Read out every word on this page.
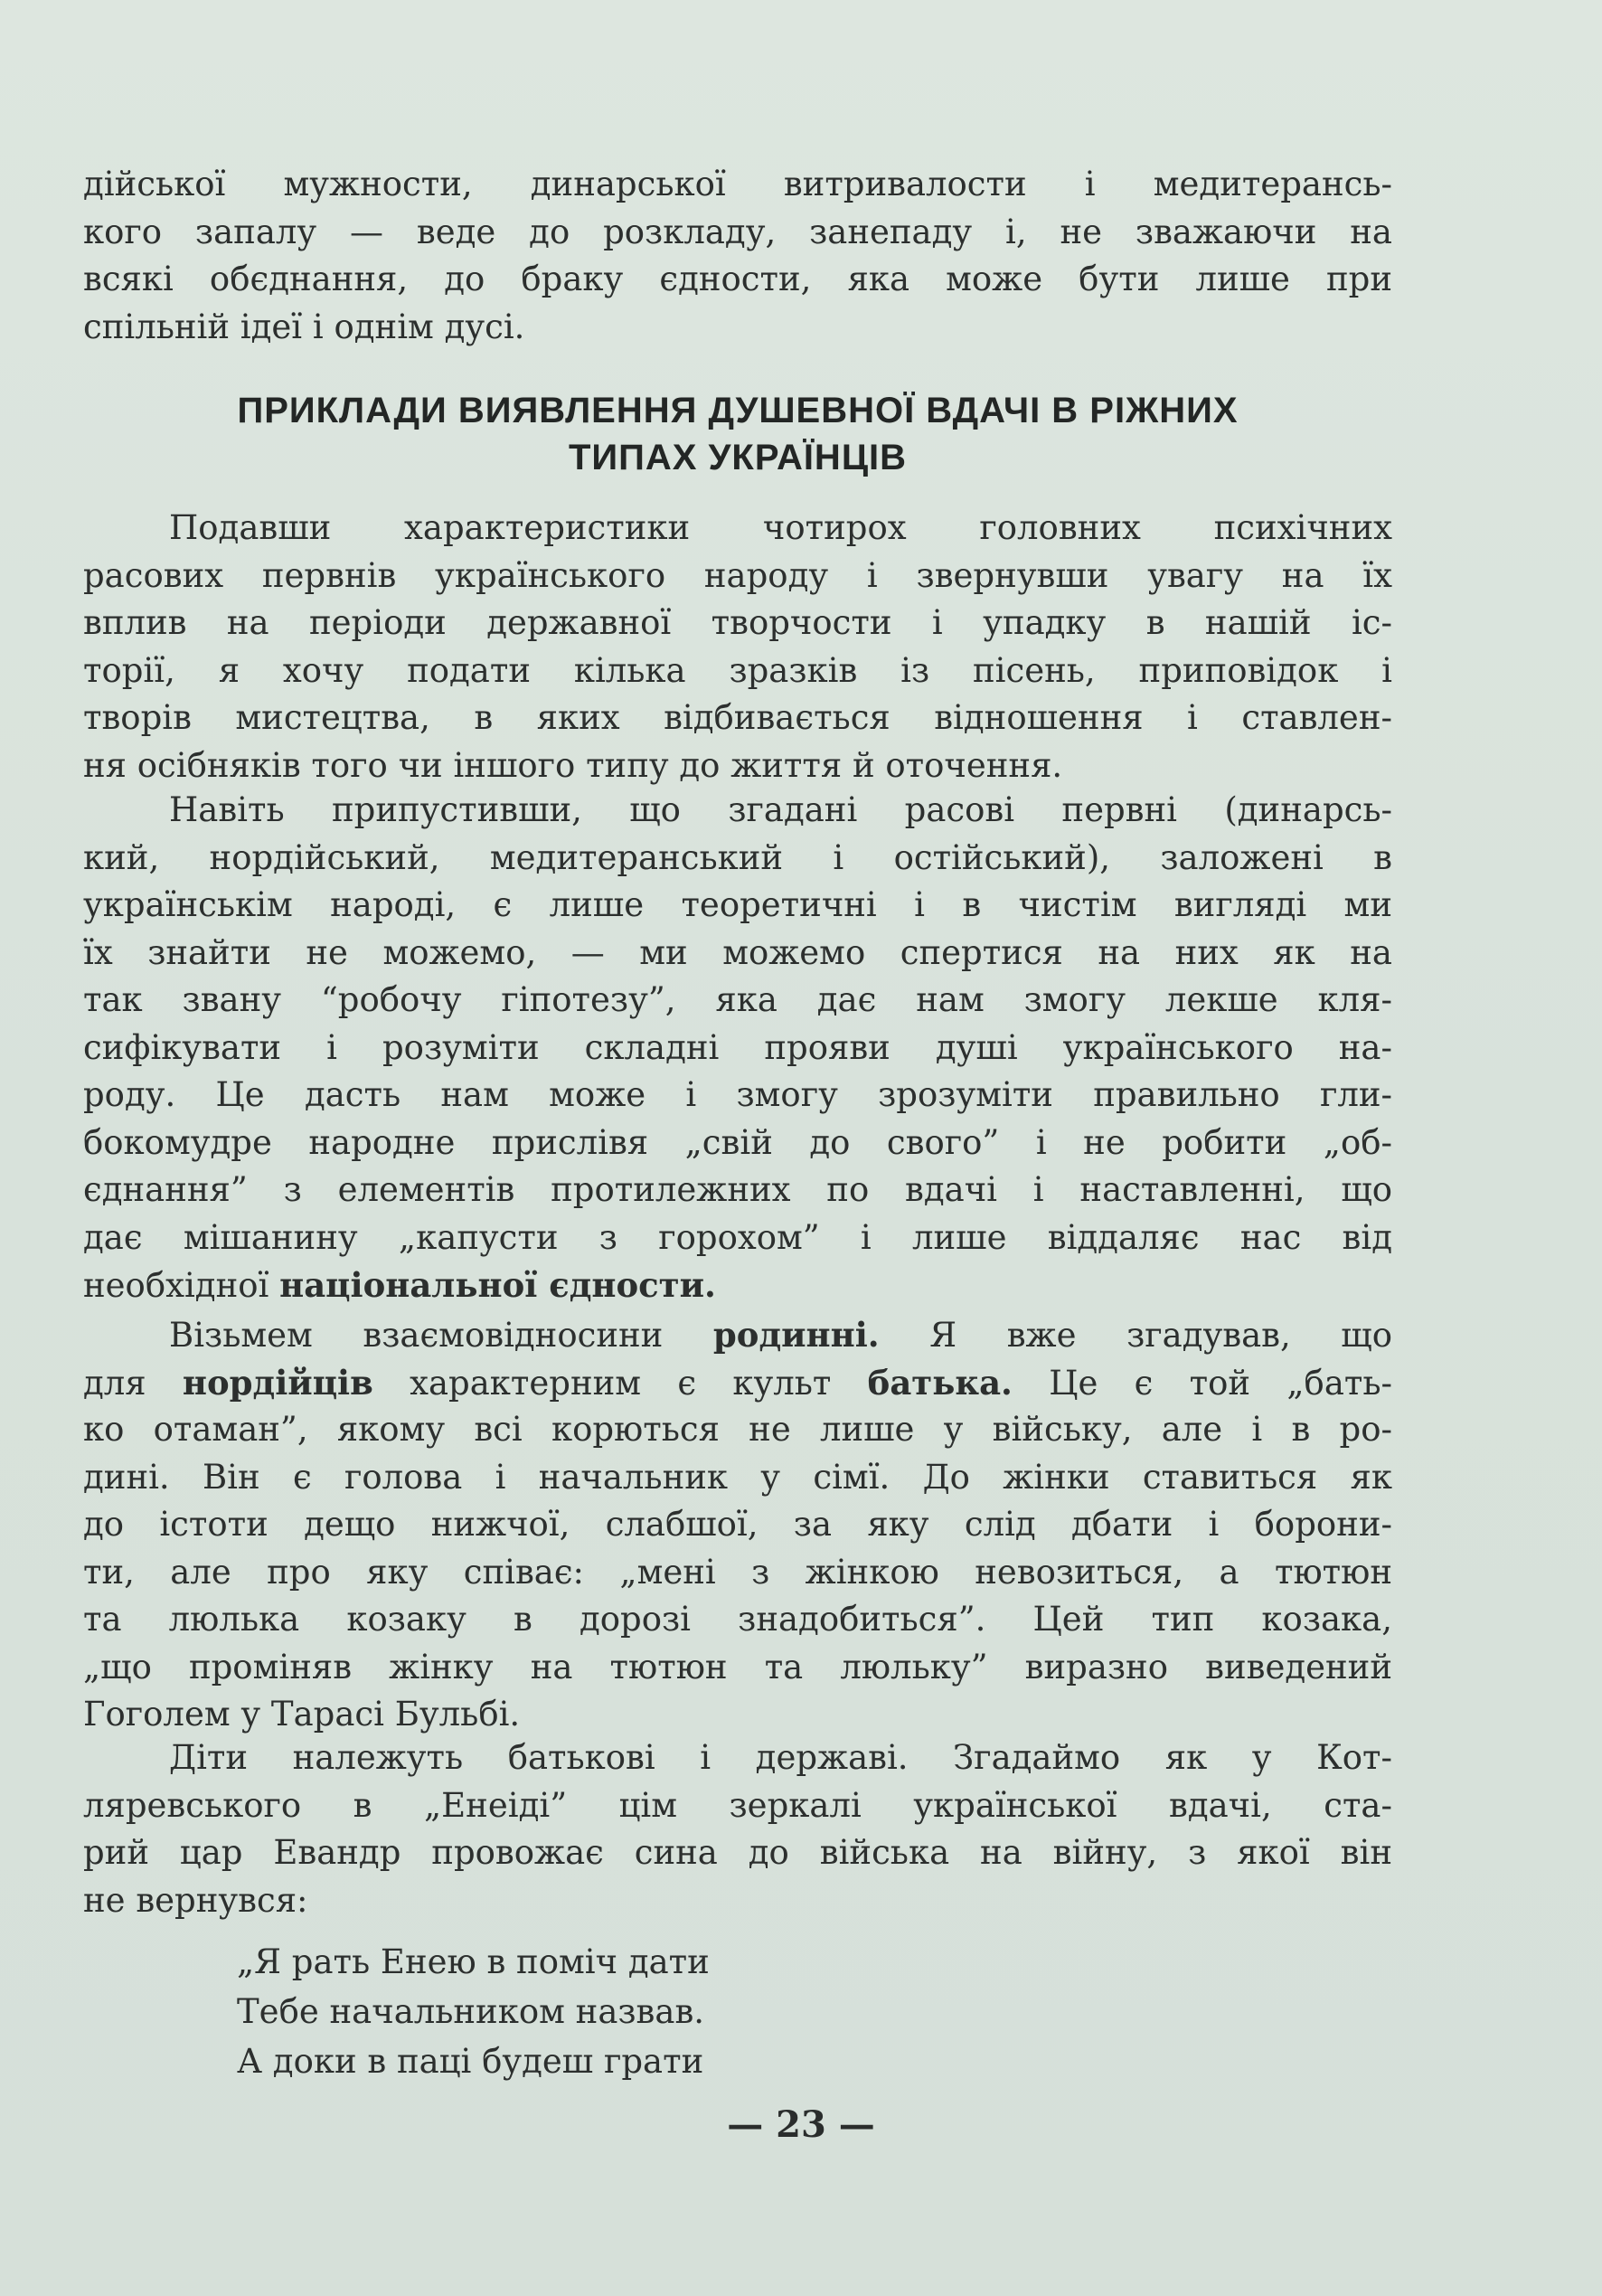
дійської мужности, динарської витривалости і медитерансь-
кого запалу — веде до розкладу, занепаду і, не зважаючи на
всякі обєднання, до браку єдности, яка може бути лише при
спільній ідеї і однім дусі.
ПРИКЛАДИ ВИЯВЛЕННЯ ДУШЕВНОЇ ВДАЧІ В РІЖНИХ
ТИПАХ УКРАЇНЦІВ
Подавши характеристики чотирох головних психічних
расових первнів українського народу і звернувши увагу на їх
вплив на періоди державної творчости і упадку в нашій іс-
торії, я хочу подати кілька зразків із пісень, приповідок і
творів мистецтва, в яких відбивається відношення і ставлен-
ня осібняків того чи іншого типу до життя й оточення.
Навіть припустивши, що згадані расові первні (динарсь-
кий, нордійський, медитеранський і остійський), заложені в
українськім народі, є лише теоретичні і в чистім вигляді ми
їх знайти не можемо, — ми можемо спертися на них як на
так звану “робочу гіпотезу”, яка дає нам змогу лекше кля-
сифікувати і розуміти складні прояви душі українського на-
роду. Це дасть нам може і змогу зрозуміти правильно гли-
бокомудре народне прислівя „свій до свого” і не робити „об-
єднання” з елементів протилежних по вдачі і наставленні, що
дає мішанину „капусти з горохом” і лише віддаляє нас від
необхідної національної єдности.
Візьмем взаємовідносини родинні. Я вже згадував, що
для нордійців характерним є культ батька. Це є той „бать-
ко отаман”, якому всі корються не лише у війську, але і в ро-
дині. Він є голова і начальник у сімї. До жінки ставиться як
до істоти дещо нижчої, слабшої, за яку слід дбати і борони-
ти, але про яку співає: „мені з жінкою невозиться, а тютюн
та люлька козаку в дорозі знадобиться”. Цей тип козака,
„що проміняв жінку на тютюн та люльку” виразно виведений
Гоголем у Тарасі Бульбі.
Діти належуть батькові і державі. Згадаймо як у Кот-
ляревського в „Енеіді” цім зеркалі української вдачі, ста-
рий цар Евандр провожає сина до війська на війну, з якої він
не вернувся:
„Я рать Енею в поміч дати
Тебе начальником назвав.
А доки в паці будеш грати
— 23 —
